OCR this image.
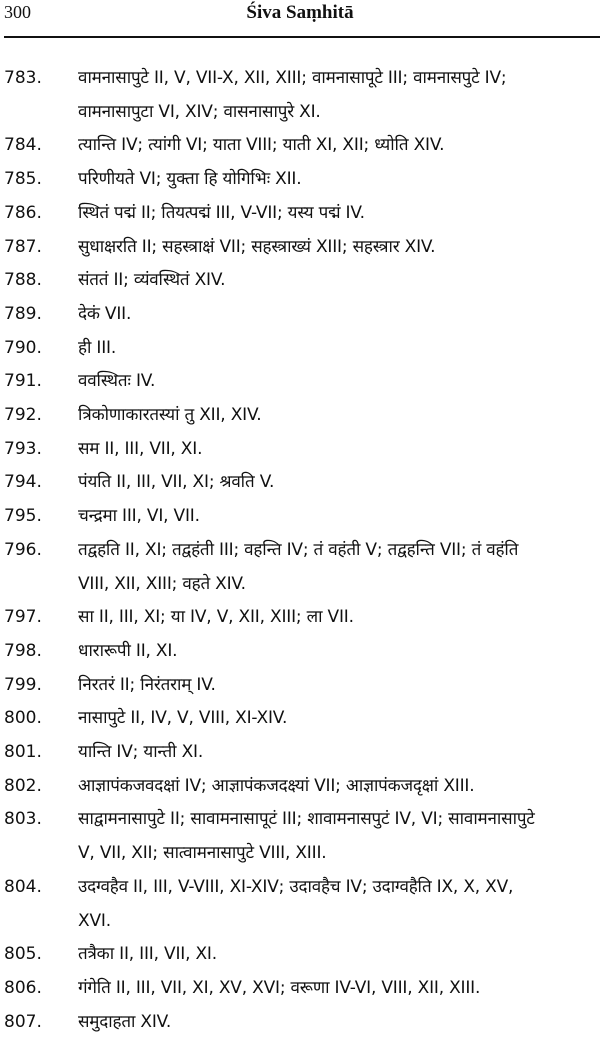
300	Śiva Saṃhitā
783.	वामनासापुटे II, V, VII-X, XII, XIII; वामनासापूटे III; वामनासपुटे IV;
वामनासापुटा VI, XIV; वासनासापुरे XI.
784.	त्यान्ति IV; त्यांगी VI; याता VIII; याती XI, XII; ध्योति XIV.
785.	परिणीयते VI; युक्ता हि योगिभिः XII.
786.	स्थितं पद्मं II; तियत्पद्मं III, V-VII; यस्य पद्मं IV.
787.	सुधाक्षरति II; सहस्त्राक्षं VII; सहस्त्राख्यं XIII; सहस्त्रार XIV.
788.	संततं II; व्यंवस्थितं XIV.
789.	देकं VII.
790.	ही III.
791.	ववस्थितः IV.
792.	त्रिकोणाकारतस्यां तु XII, XIV.
793.	सम II, III, VII, XI.
794.	पंयति II, III, VII, XI; श्रवति V.
795.	चन्द्रमा III, VI, VII.
796.	तद्वहति II, XI; तद्वहंती III; वहन्ति IV; तं वहंती V; तद्वहन्ति VII; तं वहंति
VIII, XII, XIII; वहते XIV.
797.	सा II, III, XI; या IV, V, XII, XIII; ला VII.
798.	धारारूपी II, XI.
799.	निरतरं II; निरंतराम् IV.
800.	नासापुटे II, IV, V, VIII, XI-XIV.
801.	यान्ति IV; यान्ती XI.
802.	आज्ञापंकजवदक्षां IV; आज्ञापंकजदक्ष्यां VII; आज्ञापंकजदृक्षां XIII.
803.	साद्वामनासापुटे II; सावामनासापूटं III; शावामनासपुटं IV, VI; सावामनासापुटे
V, VII, XII; सात्वामनासापुटे VIII, XIII.
804.	उदग्वहैव II, III, V-VIII, XI-XIV; उदावहैच IV; उदाग्वहैति IX, X, XV,
XVI.
805.	तत्रैका II, III, VII, XI.
806.	गंगेति II, III, VII, XI, XV, XVI; वरूणा IV-VI, VIII, XII, XIII.
807.	समुदाहता XIV.
